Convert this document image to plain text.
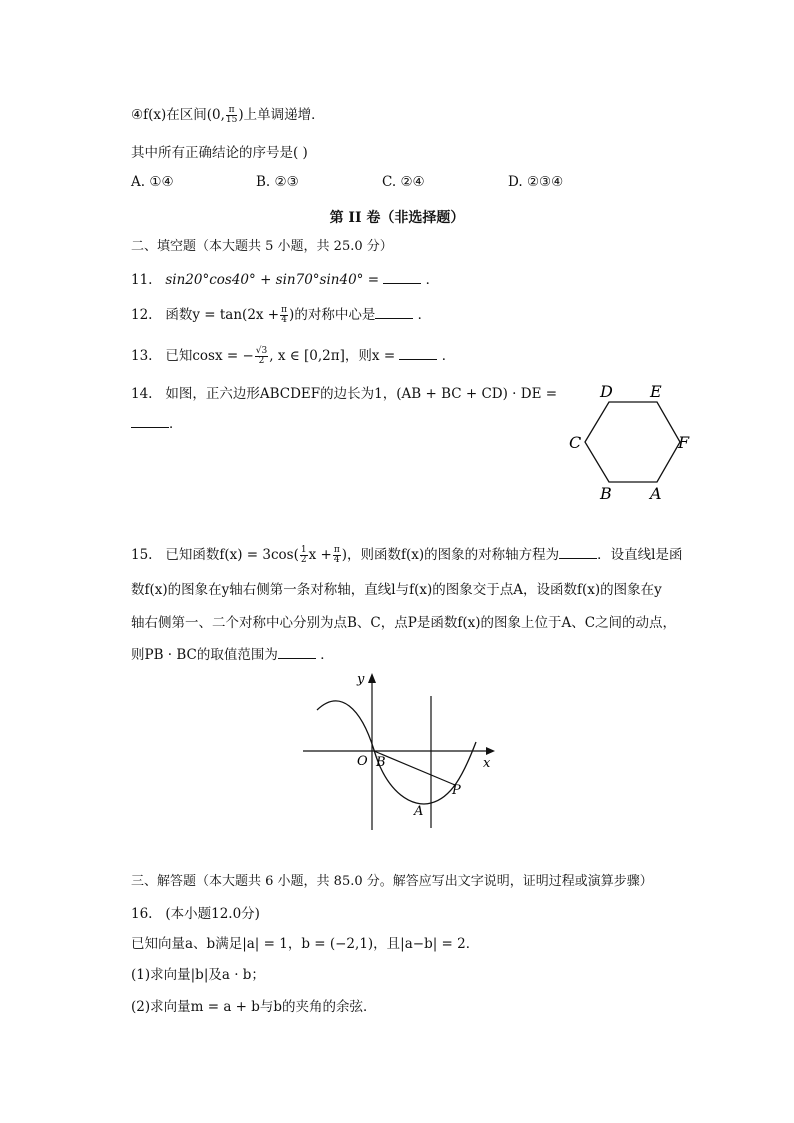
④f(x)在区间(0, $\frac{\pi}{15}$ )上单调递增．
其中所有正确结论的序号是( )
A. ①④	B. ②③	C. ②④	D. ②③④
第 II 卷（非选择题）
二、填空题（本大题共 5 小题，共 25.0 分）
11. sin20°cos40° + sin70°sin40° =	．
12. 函数$y = \tan(2x + \frac{\pi}{4}$ )的对称中心是	．
13. 已知cosx = − $\frac{√3}{2}$ , x ∈ [0,2π]，则x =	．
14. 如图，正六边形ABCDEF的边长为1，(AB + BC + CD) · DE =
．
D E
C	F
B A
15. 已知函数$f(x) = 3\cos( \frac{1}{2}$ $x + \frac{\pi}{4}$ )，则函数f(x)的图象的对称轴方程为	．设直线l是函
数f(x)的图象在y轴右侧第一条对称轴，直线l与f(x)的图象交于点A，设函数f(x)的图象在y
轴右侧第一、二个对称中心分别为点B、C，点P是函数f(x)的图象上位于A、C之间的动点，
则PB · BC的取值范围为	．
y
x
O B
A
P
三、解答题（本大题共 6 小题，共 85.0 分。解答应写出文字说明，证明过程或演算步骤）
16. (本小题12.0分)
已知向量a、b满足|a| = 1，b = (−2,1)，且|a−b| = 2．
(1)求向量|b|及a · b；
(2)求向量m = a + b与b的夹角的余弦．
